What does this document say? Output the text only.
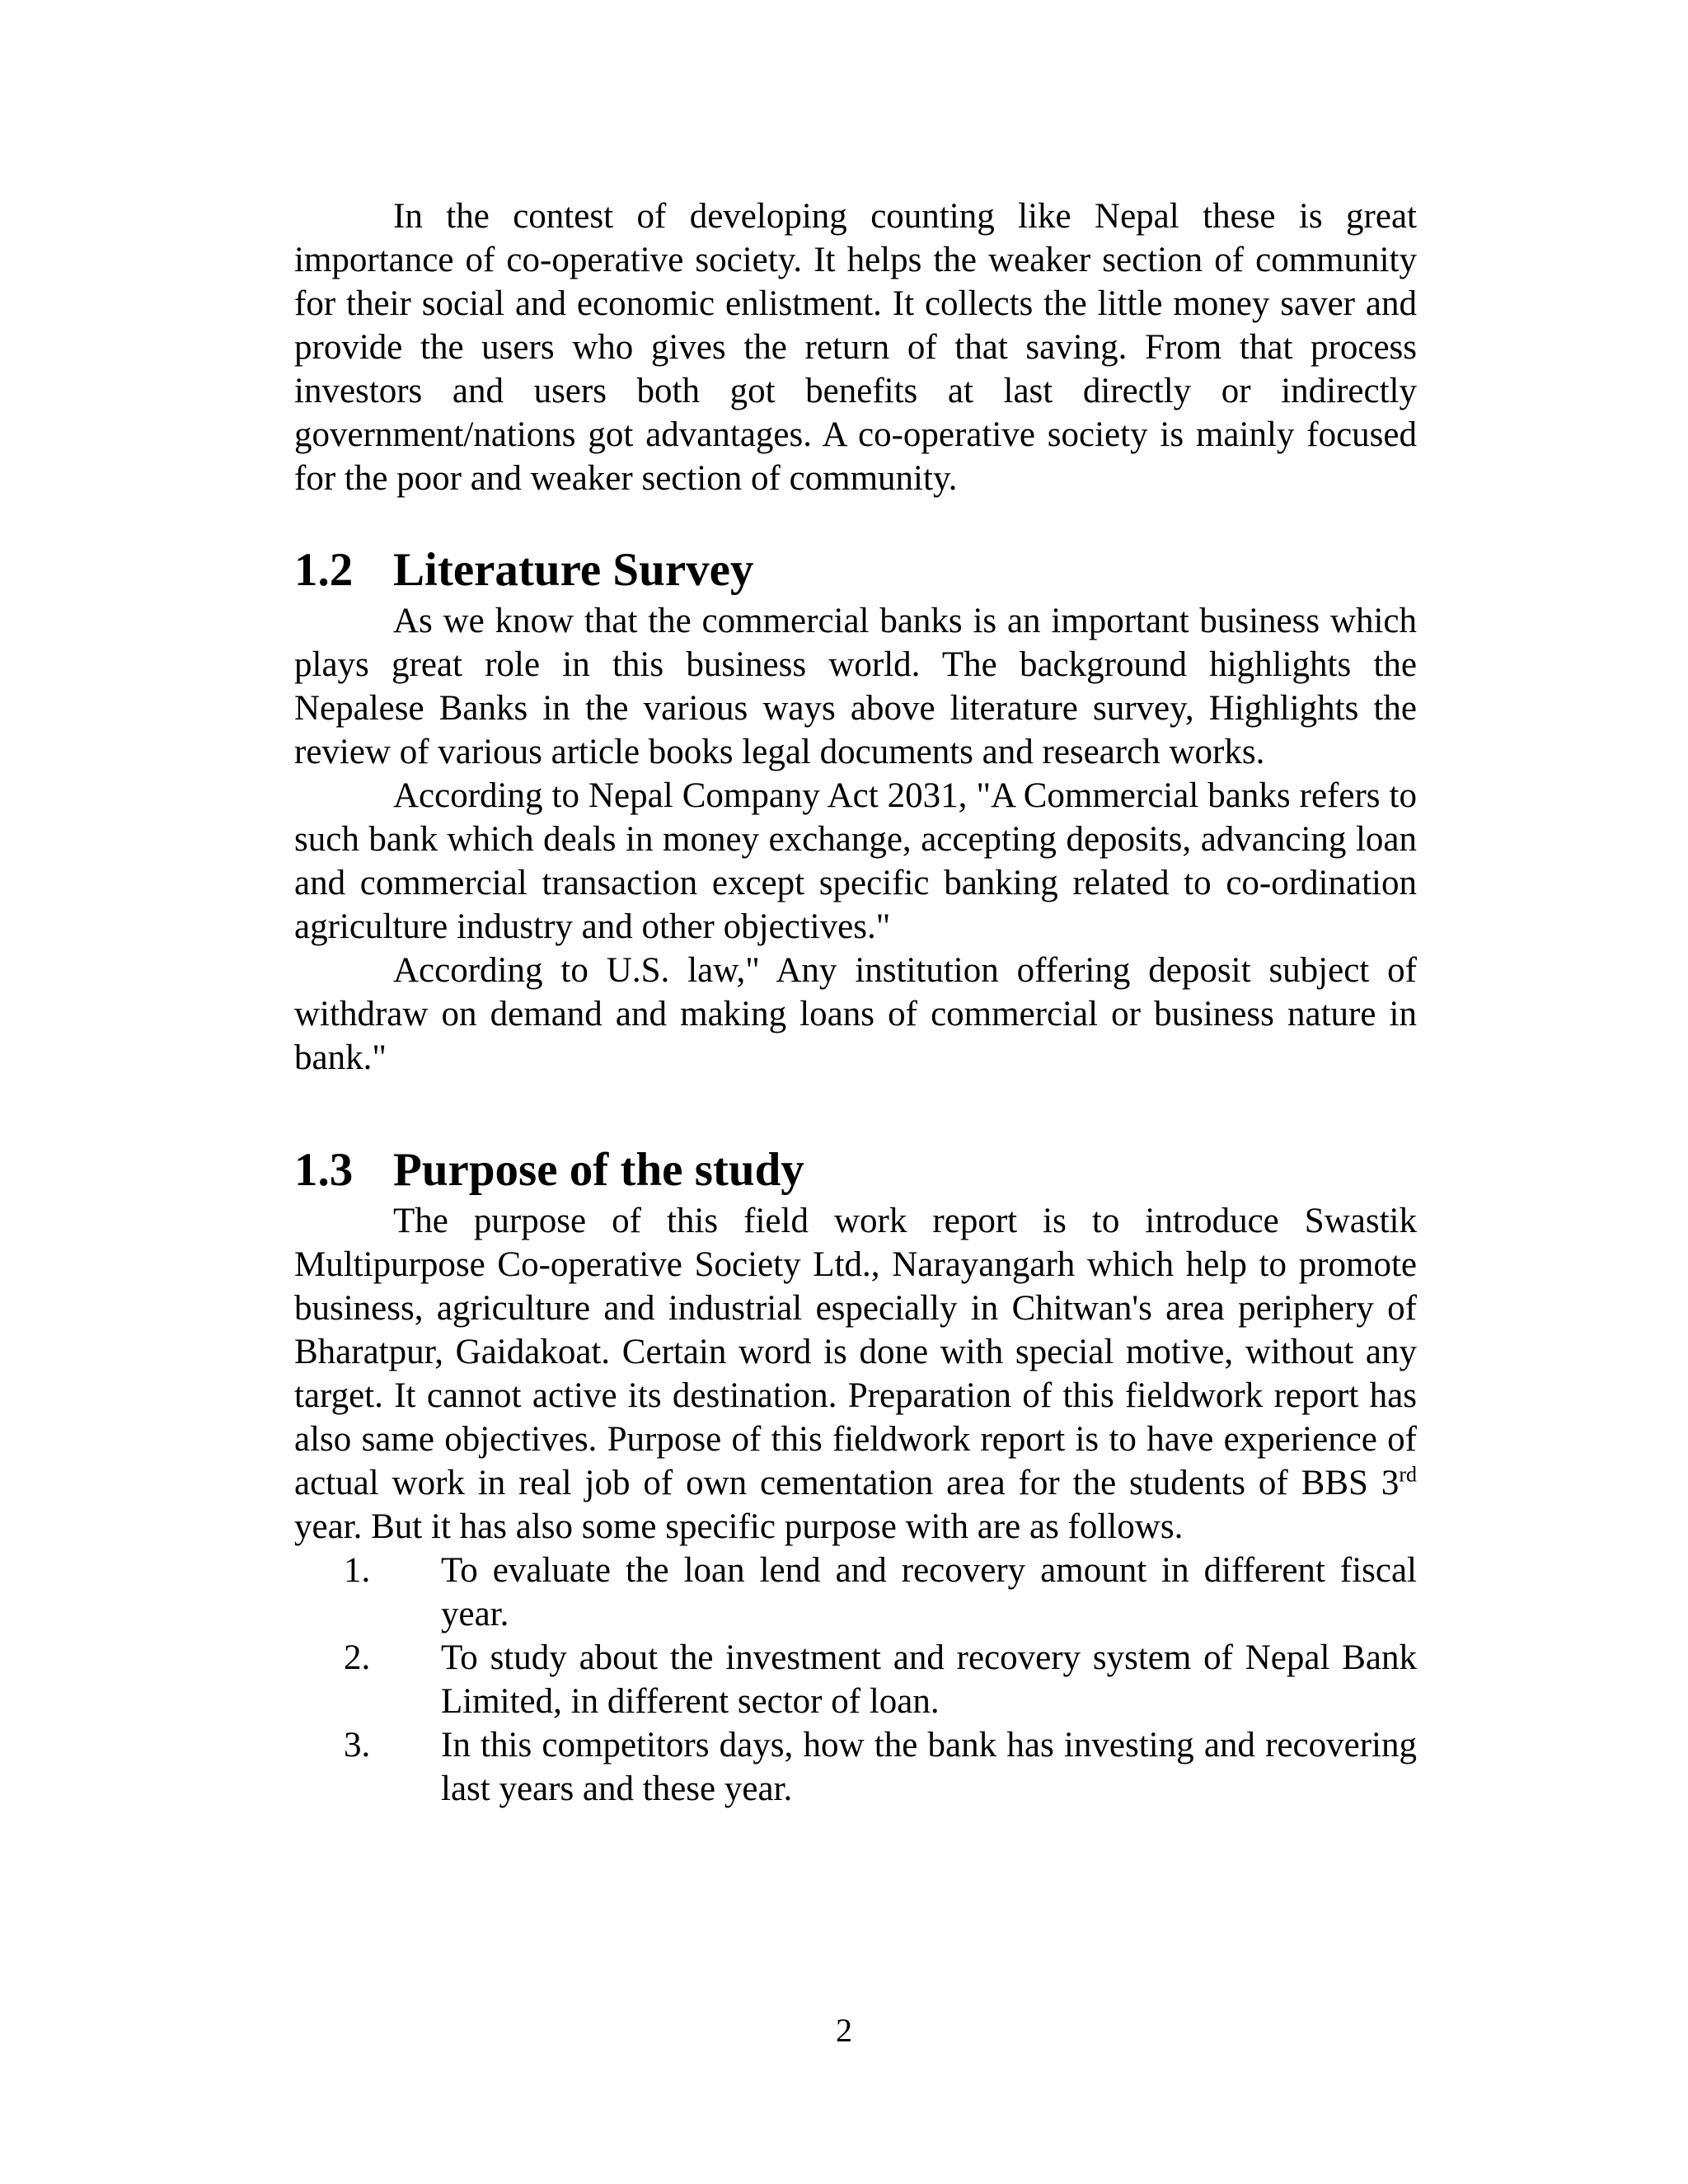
In the contest of developing counting like Nepal these is great importance of co-operative society. It helps the weaker section of community for their social and economic enlistment. It collects the little money saver and provide the users who gives the return of that saving. From that process investors and users both got benefits at last directly or indirectly government/nations got advantages. A co-operative society is mainly focused for the poor and weaker section of community.

1.2 Literature Survey

As we know that the commercial banks is an important business which plays great role in this business world. The background highlights the Nepalese Banks in the various ways above literature survey, Highlights the review of various article books legal documents and research works.

According to Nepal Company Act 2031, "A Commercial banks refers to such bank which deals in money exchange, accepting deposits, advancing loan and commercial transaction except specific banking related to co-ordination agriculture industry and other objectives."

According to U.S. law," Any institution offering deposit subject of withdraw on demand and making loans of commercial or business nature in bank."

1.3 Purpose of the study

The purpose of this field work report is to introduce Swastik Multipurpose Co-operative Society Ltd., Narayangarh which help to promote business, agriculture and industrial especially in Chitwan's area periphery of Bharatpur, Gaidakoat. Certain word is done with special motive, without any target. It cannot active its destination. Preparation of this fieldwork report has also same objectives. Purpose of this fieldwork report is to have experience of actual work in real job of own cementation area for the students of BBS 3rd year. But it has also some specific purpose with are as follows.

1.	To evaluate the loan lend and recovery amount in different fiscal year.
2.	To study about the investment and recovery system of Nepal Bank Limited, in different sector of loan.
3.	In this competitors days, how the bank has investing and recovering last years and these year.
2
